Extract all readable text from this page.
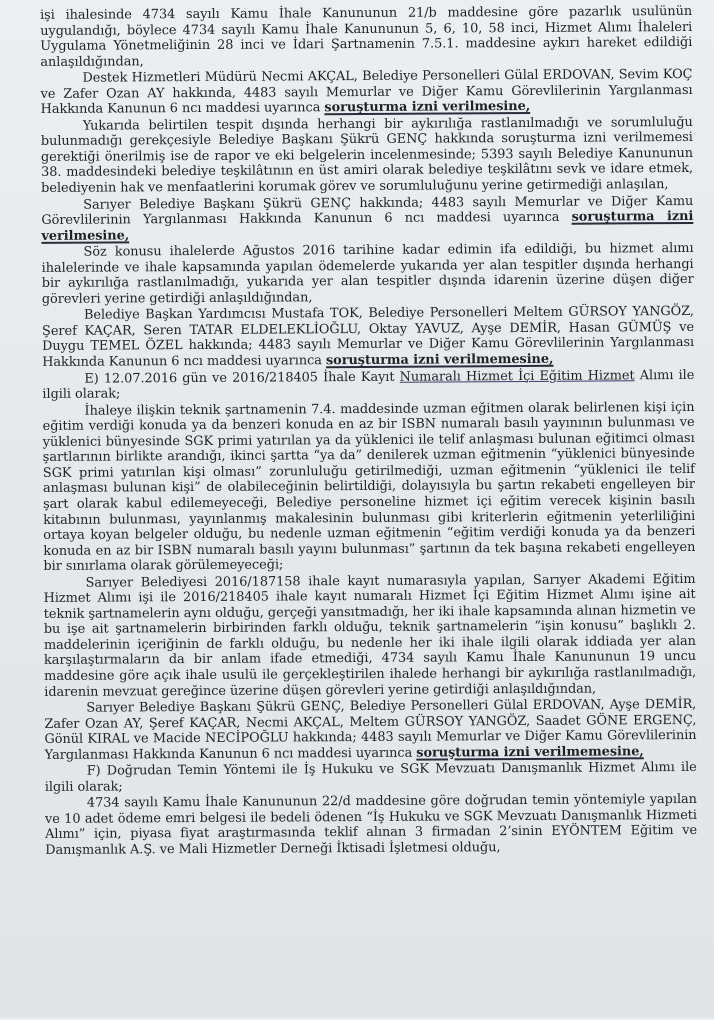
işi ihalesinde 4734 sayılı Kamu İhale Kanununun 21/b maddesine göre pazarlık usulünün uygulandığı, böylece 4734 sayılı Kamu İhale Kanununun 5, 6, 10, 58 inci, Hizmet Alımı İhaleleri Uygulama Yönetmeliğinin 28 inci ve İdari Şartnamenin 7.5.1. maddesine aykırı hareket edildiği anlaşıldığından,

Destek Hizmetleri Müdürü Necmi AKÇAL, Belediye Personelleri Gülal ERDOVAN, Sevim KOÇ ve Zafer Ozan AY hakkında, 4483 sayılı Memurlar ve Diğer Kamu Görevlilerinin Yargılanması Hakkında Kanunun 6 ncı maddesi uyarınca soruşturma izni verilmesine,

Yukarıda belirtilen tespit dışında herhangi bir aykırılığa rastlanılmadığı ve sorumluluğu bulunmadığı gerekçesiyle Belediye Başkanı Şükrü GENÇ hakkında soruşturma izni verilmemesi gerektiği önerilmiş ise de rapor ve eki belgelerin incelenmesinde; 5393 sayılı Belediye Kanununun 38. maddesindeki belediye teşkilâtının en üst amiri olarak belediye teşkilâtını sevk ve idare etmek, belediyenin hak ve menfaatlerini korumak görev ve sorumluluğunu yerine getirmediği anlaşılan,

Sarıyer Belediye Başkanı Şükrü GENÇ hakkında; 4483 sayılı Memurlar ve Diğer Kamu Görevlilerinin Yargılanması Hakkında Kanunun 6 ncı maddesi uyarınca soruşturma izni verilmesine,

Söz konusu ihalelerde Ağustos 2016 tarihine kadar edimin ifa edildiği, bu hizmet alımı ihalelerinde ve ihale kapsamında yapılan ödemelerde yukarıda yer alan tespitler dışında herhangi bir aykırılığa rastlanılmadığı, yukarıda yer alan tespitler dışında idarenin üzerine düşen diğer görevleri yerine getirdiği anlaşıldığından,

Belediye Başkan Yardımcısı Mustafa TOK, Belediye Personelleri Meltem GÜRSOY YANGÖZ, Şeref KAÇAR, Seren TATAR ELDELEKLİOĞLU, Oktay YAVUZ, Ayşe DEMİR, Hasan GÜMÜŞ ve Duygu TEMEL ÖZEL hakkında; 4483 sayılı Memurlar ve Diğer Kamu Görevlilerinin Yargılanması Hakkında Kanunun 6 ncı maddesi uyarınca soruşturma izni verilmemesine,

E) 12.07.2016 gün ve 2016/218405 İhale Kayıt Numaralı Hizmet İçi Eğitim Hizmet Alımı ile ilgili olarak;

İhaleye ilişkin teknik şartnamenin 7.4. maddesinde uzman eğitmen olarak belirlenen kişi için eğitim verdiği konuda ya da benzeri konuda en az bir ISBN numaralı basılı yayınının bulunması ve yüklenici bünyesinde SGK primi yatırılan ya da yüklenici ile telif anlaşması bulunan eğitimci olması şartlarının birlikte arandığı, ikinci şartta “ya da” denilerek uzman eğitmenin “yüklenici bünyesinde SGK primi yatırılan kişi olması” zorunluluğu getirilmediği, uzman eğitmenin “yüklenici ile telif anlaşması bulunan kişi” de olabileceğinin belirtildiği, dolayısıyla bu şartın rekabeti engelleyen bir şart olarak kabul edilemeyeceği, Belediye personeline hizmet içi eğitim verecek kişinin basılı kitabının bulunması, yayınlanmış makalesinin bulunması gibi kriterlerin eğitmenin yeterliliğini ortaya koyan belgeler olduğu, bu nedenle uzman eğitmenin “eğitim verdiği konuda ya da benzeri konuda en az bir ISBN numaralı basılı yayını bulunması” şartının da tek başına rekabeti engelleyen bir sınırlama olarak görülemeyeceği;

Sarıyer Belediyesi 2016/187158 ihale kayıt numarasıyla yapılan, Sarıyer Akademi Eğitim Hizmet Alımı işi ile 2016/218405 ihale kayıt numaralı Hizmet İçi Eğitim Hizmet Alımı işine ait teknik şartnamelerin aynı olduğu, gerçeği yansıtmadığı, her iki ihale kapsamında alınan hizmetin ve bu işe ait şartnamelerin birbirinden farklı olduğu, teknik şartnamelerin “işin konusu” başlıklı 2. maddelerinin içeriğinin de farklı olduğu, bu nedenle her iki ihale ilgili olarak iddiada yer alan karşılaştırmaların da bir anlam ifade etmediği, 4734 sayılı Kamu İhale Kanununun 19 uncu maddesine göre açık ihale usulü ile gerçekleştirilen ihalede herhangi bir aykırılığa rastlanılmadığı, idarenin mevzuat gereğince üzerine düşen görevleri yerine getirdiği anlaşıldığından,

Sarıyer Belediye Başkanı Şükrü GENÇ, Belediye Personelleri Gülal ERDOVAN, Ayşe DEMİR, Zafer Ozan AY, Şeref KAÇAR, Necmi AKÇAL, Meltem GÜRSOY YANGÖZ, Saadet GÖNE ERGENÇ, Gönül KIRAL ve Macide NECİPOĞLU hakkında; 4483 sayılı Memurlar ve Diğer Kamu Görevlilerinin Yargılanması Hakkında Kanunun 6 ncı maddesi uyarınca soruşturma izni verilmemesine,

F) Doğrudan Temin Yöntemi ile İş Hukuku ve SGK Mevzuatı Danışmanlık Hizmet Alımı ile ilgili olarak;

4734 sayılı Kamu İhale Kanununun 22/d maddesine göre doğrudan temin yöntemiyle yapılan ve 10 adet ödeme emri belgesi ile bedeli ödenen “İş Hukuku ve SGK Mevzuatı Danışmanlık Hizmeti Alımı” için, piyasa fiyat araştırmasında teklif alınan 3 firmadan 2’sinin EYÖNTEM Eğitim ve Danışmanlık A.Ş. ve Mali Hizmetler Derneği İktisadi İşletmesi olduğu,
